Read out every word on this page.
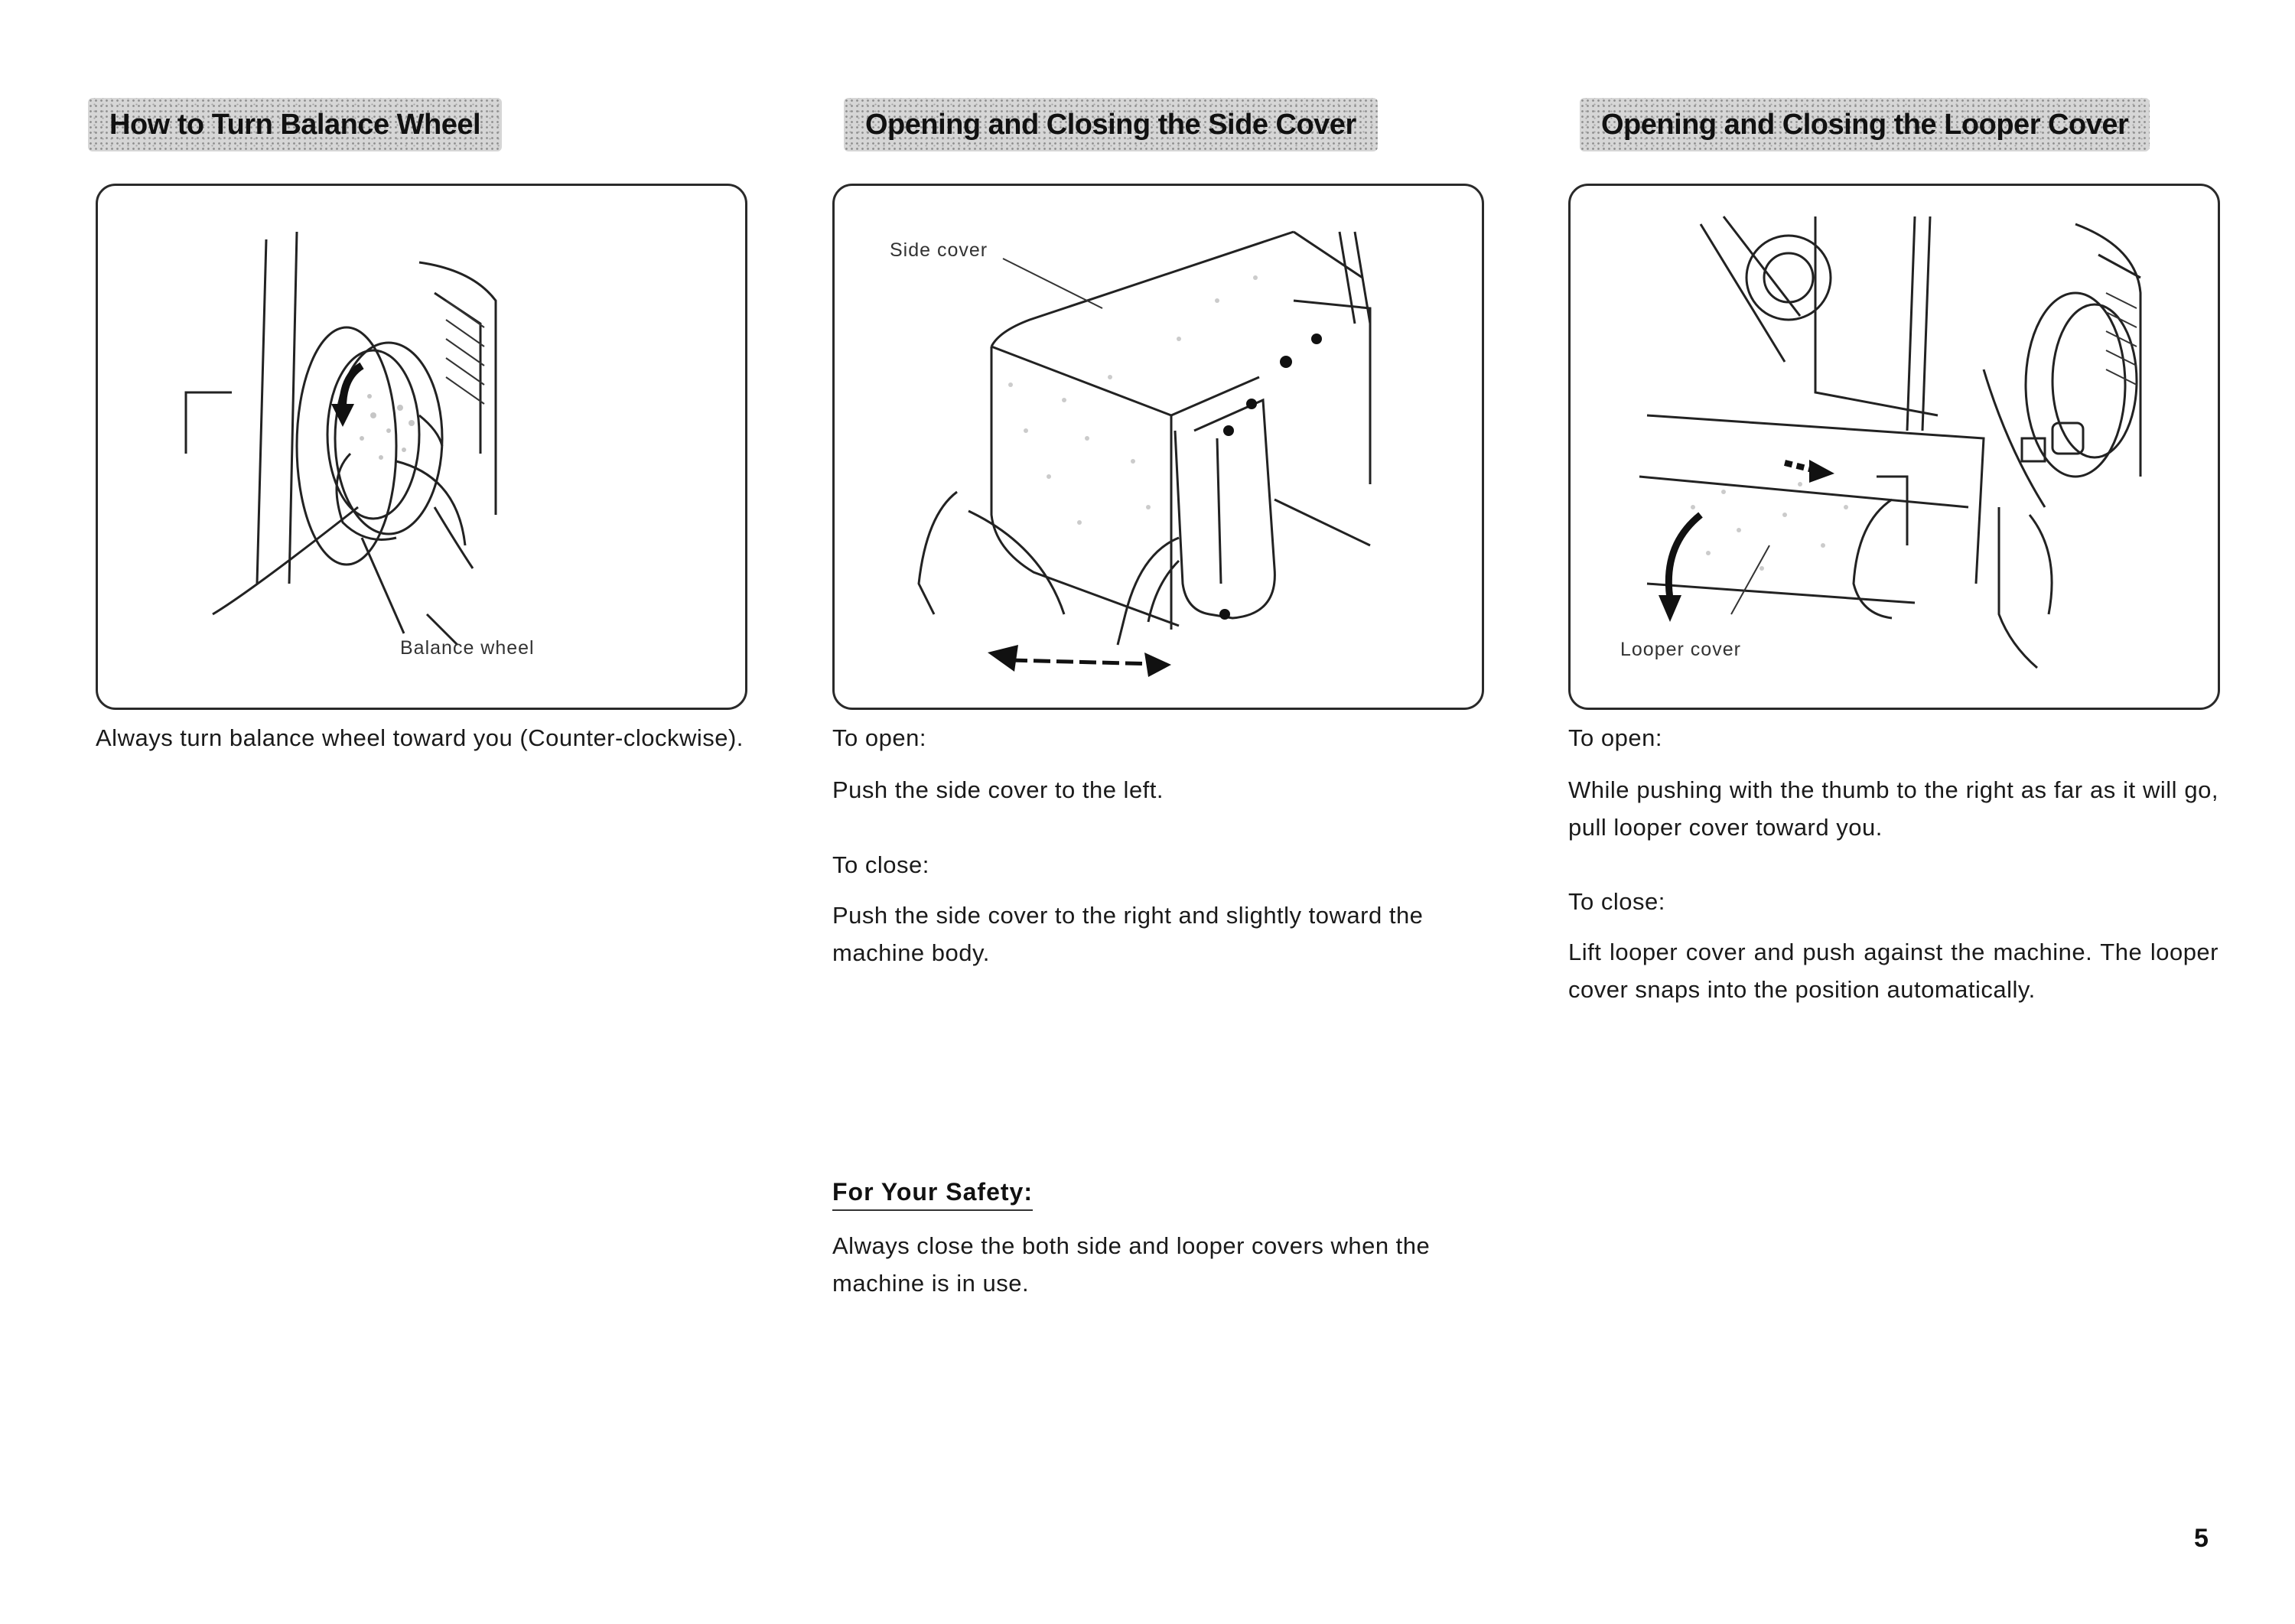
How to Turn Balance Wheel
Balance wheel
Always turn balance wheel toward you (Counter-clockwise).
Opening and Closing the Side Cover
Side cover
To open:
Push the side cover to the left.
To close:
Push the side cover to the right and slightly toward the machine body.
For Your Safety:
Always close the both side and looper covers when the machine is in use.
Opening and Closing the Looper Cover
Looper cover
To open:
While pushing with the thumb to the right as far as it will go, pull looper cover toward you.
To close:
Lift looper cover and push against the machine. The looper cover snaps into the position automatically.
5
